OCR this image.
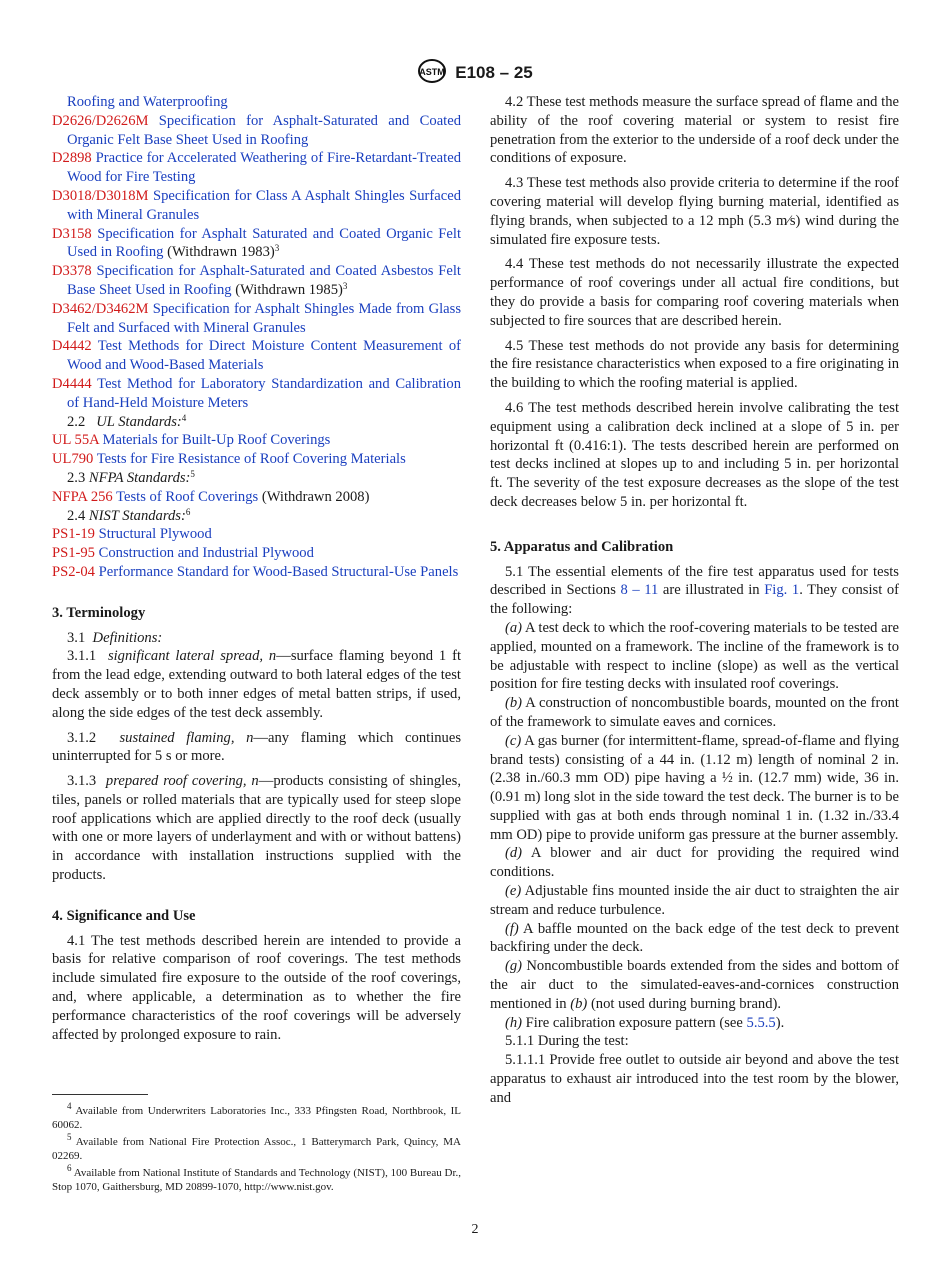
ASTM E108 – 25

Roofing and Waterproofing

D2626/D2626M Specification for Asphalt-Saturated and Coated Organic Felt Base Sheet Used in Roofing

D2898 Practice for Accelerated Weathering of Fire-Retardant-Treated Wood for Fire Testing

D3018/D3018M Specification for Class A Asphalt Shingles Surfaced with Mineral Granules

D3158 Specification for Asphalt Saturated and Coated Organic Felt Used in Roofing (Withdrawn 1983)$^3$

D3378 Specification for Asphalt-Saturated and Coated Asbestos Felt Base Sheet Used in Roofing (Withdrawn 1985)$^3$

D3462/D3462M Specification for Asphalt Shingles Made from Glass Felt and Surfaced with Mineral Granules

D4442 Test Methods for Direct Moisture Content Measurement of Wood and Wood-Based Materials

D4444 Test Method for Laboratory Standardization and Calibration of Hand-Held Moisture Meters

2.2 UL Standards:$^4$

UL 55A Materials for Built-Up Roof Coverings

UL790 Tests for Fire Resistance of Roof Covering Materials

2.3 NFPA Standards:$^5$

NFPA 256 Tests of Roof Coverings (Withdrawn 2008)

2.4 NIST Standards:$^6$

PS1-19 Structural Plywood

PS1-95 Construction and Industrial Plywood

PS2-04 Performance Standard for Wood-Based Structural-Use Panels

3. Terminology

3.1 Definitions:

3.1.1 significant lateral spread, n—surface flaming beyond 1 ft from the lead edge, extending outward to both lateral edges of the test deck assembly or to both inner edges of metal batten strips, if used, along the side edges of the test deck assembly.

3.1.2 sustained flaming, n—any flaming which continues uninterrupted for 5 s or more.

3.1.3 prepared roof covering, n—products consisting of shingles, tiles, panels or rolled materials that are typically used for steep slope roof applications which are applied directly to the roof deck (usually with one or more layers of underlayment and with or without battens) in accordance with installation instructions supplied with the products.

4. Significance and Use

4.1 The test methods described herein are intended to provide a basis for relative comparison of roof coverings. The test methods include simulated fire exposure to the outside of the roof coverings, and, where applicable, a determination as to whether the fire performance characteristics of the roof coverings will be adversely affected by prolonged exposure to rain.

4.2 These test methods measure the surface spread of flame and the ability of the roof covering material or system to resist fire penetration from the exterior to the underside of a roof deck under the conditions of exposure.

4.3 These test methods also provide criteria to determine if the roof covering material will develop flying burning material, identified as flying brands, when subjected to a 12 mph (5.3 m⁄s) wind during the simulated fire exposure tests.

4.4 These test methods do not necessarily illustrate the expected performance of roof coverings under all actual fire conditions, but they do provide a basis for comparing roof covering materials when subjected to fire sources that are described herein.

4.5 These test methods do not provide any basis for determining the fire resistance characteristics when exposed to a fire originating in the building to which the roofing material is applied.

4.6 The test methods described herein involve calibrating the test equipment using a calibration deck inclined at a slope of 5 in. per horizontal ft (0.416:1). The tests described herein are performed on test decks inclined at slopes up to and including 5 in. per horizontal ft. The severity of the test exposure decreases as the slope of the test deck decreases below 5 in. per horizontal ft.

5. Apparatus and Calibration

5.1 The essential elements of the fire test apparatus used for tests described in Sections 8 – 11 are illustrated in Fig. 1. They consist of the following:

(a) A test deck to which the roof-covering materials to be tested are applied, mounted on a framework. The incline of the framework is to be adjustable with respect to incline (slope) as well as the vertical position for fire testing decks with insulated roof coverings.

(b) A construction of noncombustible boards, mounted on the front of the framework to simulate eaves and cornices.

(c) A gas burner (for intermittent-flame, spread-of-flame and flying brand tests) consisting of a 44 in. (1.12 m) length of nominal 2 in. (2.38 in./60.3 mm OD) pipe having a ½ in. (12.7 mm) wide, 36 in. (0.91 m) long slot in the side toward the test deck. The burner is to be supplied with gas at both ends through nominal 1 in. (1.32 in./33.4 mm OD) pipe to provide uniform gas pressure at the burner assembly.

(d) A blower and air duct for providing the required wind conditions.

(e) Adjustable fins mounted inside the air duct to straighten the air stream and reduce turbulence.

(f) A baffle mounted on the back edge of the test deck to prevent backfiring under the deck.

(g) Noncombustible boards extended from the sides and bottom of the air duct to the simulated-eaves-and-cornices construction mentioned in (b) (not used during burning brand).

(h) Fire calibration exposure pattern (see 5.5.5).

5.1.1 During the test:

5.1.1.1 Provide free outlet to outside air beyond and above the test apparatus to exhaust air introduced into the test room by the blower, and

$^4$ Available from Underwriters Laboratories Inc., 333 Pfingsten Road, Northbrook, IL 60062.

$^5$ Available from National Fire Protection Assoc., 1 Batterymarch Park, Quincy, MA 02269.

$^6$ Available from National Institute of Standards and Technology (NIST), 100 Bureau Dr., Stop 1070, Gaithersburg, MD 20899-1070, http://www.nist.gov.

2
